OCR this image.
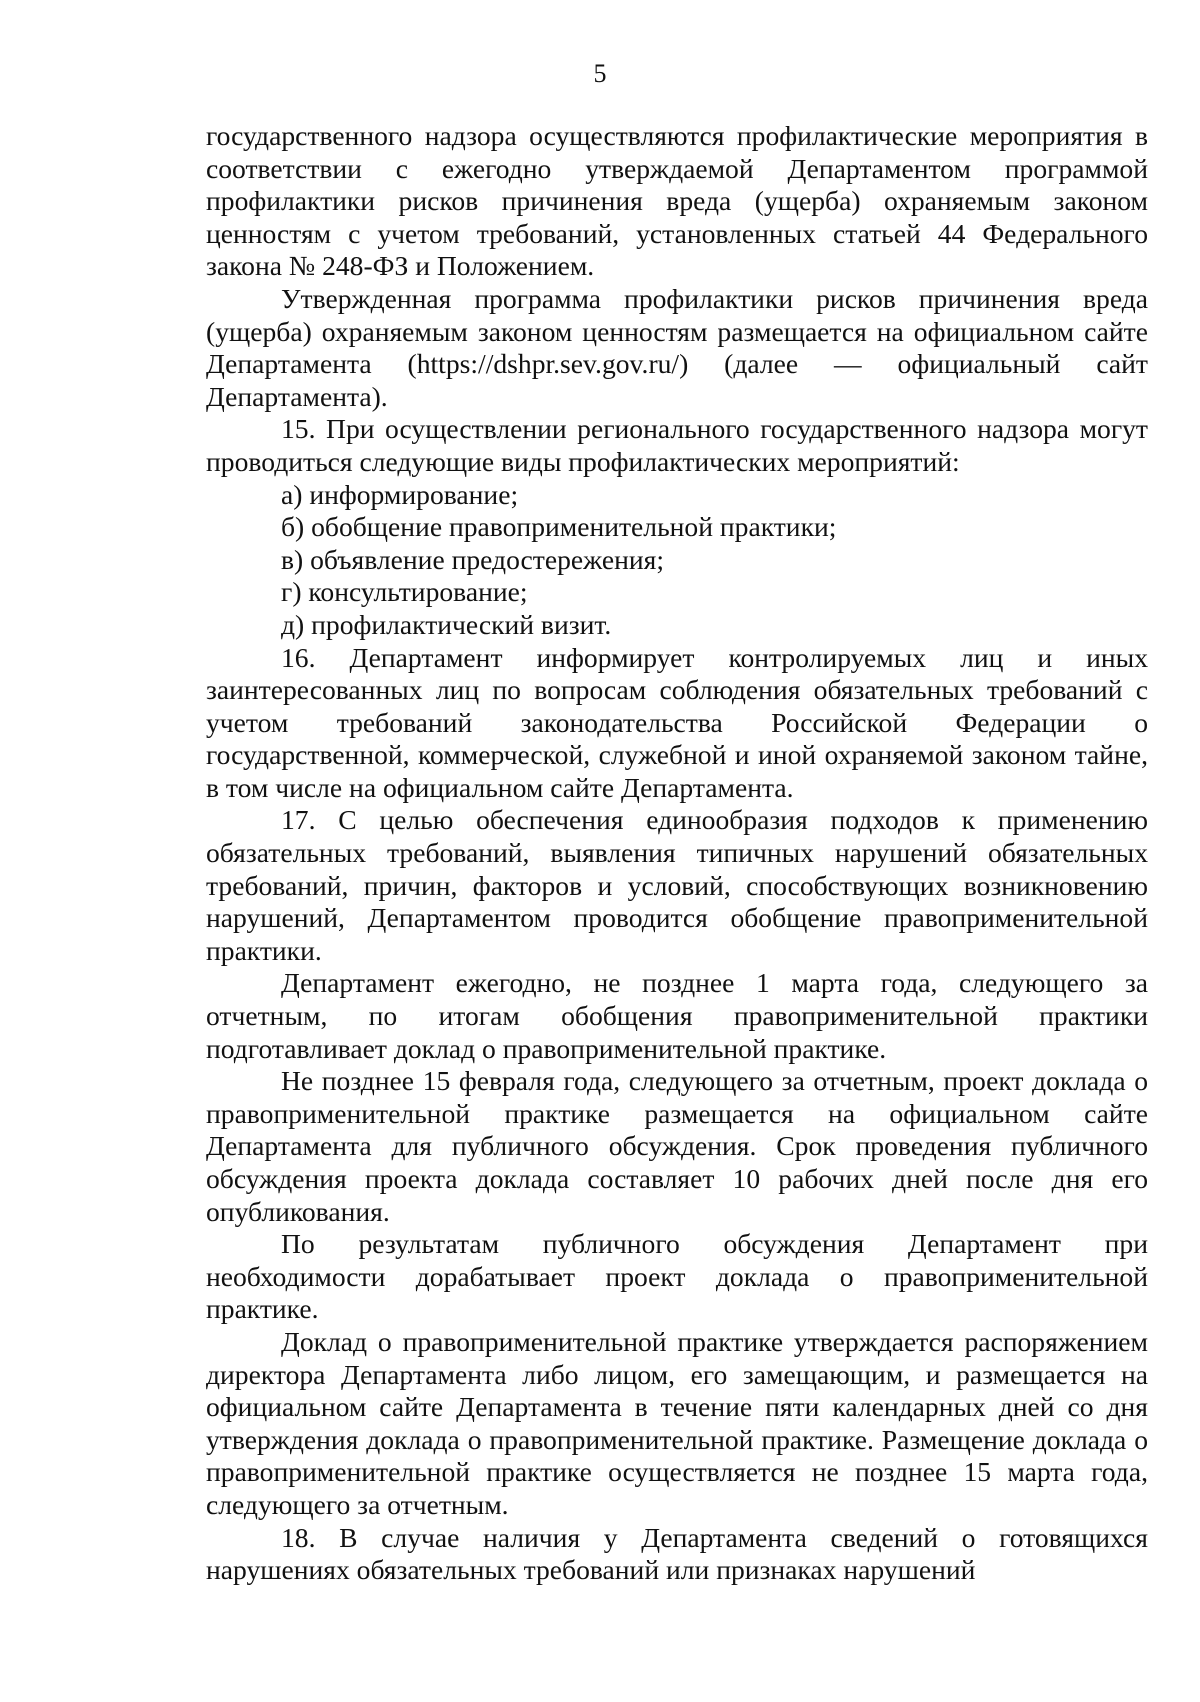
5

государственного надзора осуществляются профилактические мероприятия в соответствии с ежегодно утверждаемой Департаментом программой профилактики рисков причинения вреда (ущерба) охраняемым законом ценностям с учетом требований, установленных статьей 44 Федерального закона № 248-ФЗ и Положением.

Утвержденная программа профилактики рисков причинения вреда (ущерба) охраняемым законом ценностям размещается на официальном сайте Департамента (https://dshpr.sev.gov.ru/) (далее — официальный сайт Департамента).

15. При осуществлении регионального государственного надзора могут проводиться следующие виды профилактических мероприятий:

а) информирование;

б) обобщение правоприменительной практики;

в) объявление предостережения;

г) консультирование;

д) профилактический визит.

16. Департамент информирует контролируемых лиц и иных заинтересованных лиц по вопросам соблюдения обязательных требований с учетом требований законодательства Российской Федерации о государственной, коммерческой, служебной и иной охраняемой законом тайне, в том числе на официальном сайте Департамента.

17. С целью обеспечения единообразия подходов к применению обязательных требований, выявления типичных нарушений обязательных требований, причин, факторов и условий, способствующих возникновению нарушений, Департаментом проводится обобщение правоприменительной практики.

Департамент ежегодно, не позднее 1 марта года, следующего за отчетным, по итогам обобщения правоприменительной практики подготавливает доклад о правоприменительной практике.

Не позднее 15 февраля года, следующего за отчетным, проект доклада о правоприменительной практике размещается на официальном сайте Департамента для публичного обсуждения. Срок проведения публичного обсуждения проекта доклада составляет 10 рабочих дней после дня его опубликования.

По результатам публичного обсуждения Департамент при необходимости дорабатывает проект доклада о правоприменительной практике.

Доклад о правоприменительной практике утверждается распоряжением директора Департамента либо лицом, его замещающим, и размещается на официальном сайте Департамента в течение пяти календарных дней со дня утверждения доклада о правоприменительной практике. Размещение доклада о правоприменительной практике осуществляется не позднее 15 марта года, следующего за отчетным.

18. В случае наличия у Департамента сведений о готовящихся нарушениях обязательных требований или признаках нарушений
